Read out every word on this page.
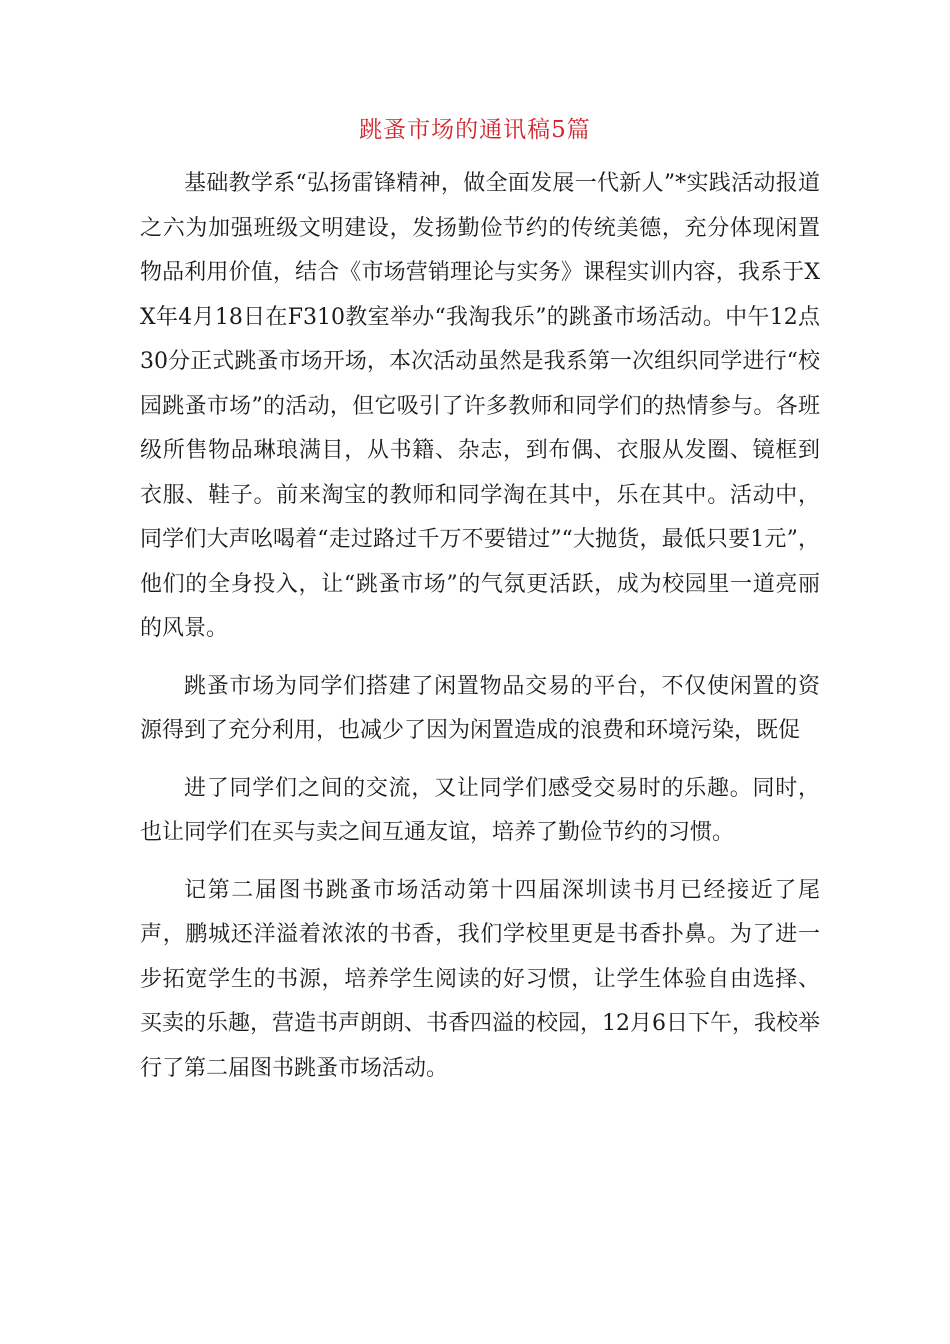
跳蚤市场的通讯稿5篇

基础教学系“弘扬雷锋精神，做全面发展一代新人”*实践活动报道之六为加强班级文明建设，发扬勤俭节约的传统美德，充分体现闲置物品利用价值，结合《市场营销理论与实务》课程实训内容，我系于XX年4月18日在F310教室举办“我淘我乐”的跳蚤市场活动。中午12点30分正式跳蚤市场开场，本次活动虽然是我系第一次组织同学进行“校园跳蚤市场”的活动，但它吸引了许多教师和同学们的热情参与。各班级所售物品琳琅满目，从书籍、杂志，到布偶、衣服从发圈、镜框到衣服、鞋子。前来淘宝的教师和同学淘在其中，乐在其中。活动中，同学们大声吆喝着“走过路过千万不要错过”“大抛货，最低只要1元”，他们的全身投入，让“跳蚤市场”的气氛更活跃，成为校园里一道亮丽的风景。

跳蚤市场为同学们搭建了闲置物品交易的平台，不仅使闲置的资源得到了充分利用，也减少了因为闲置造成的浪费和环境污染，既促

进了同学们之间的交流，又让同学们感受交易时的乐趣。同时，也让同学们在买与卖之间互通友谊，培养了勤俭节约的习惯。

记第二届图书跳蚤市场活动第十四届深圳读书月已经接近了尾声，鹏城还洋溢着浓浓的书香，我们学校里更是书香扑鼻。为了进一步拓宽学生的书源，培养学生阅读的好习惯，让学生体验自由选择、买卖的乐趣，营造书声朗朗、书香四溢的校园，12月6日下午，我校举行了第二届图书跳蚤市场活动。
